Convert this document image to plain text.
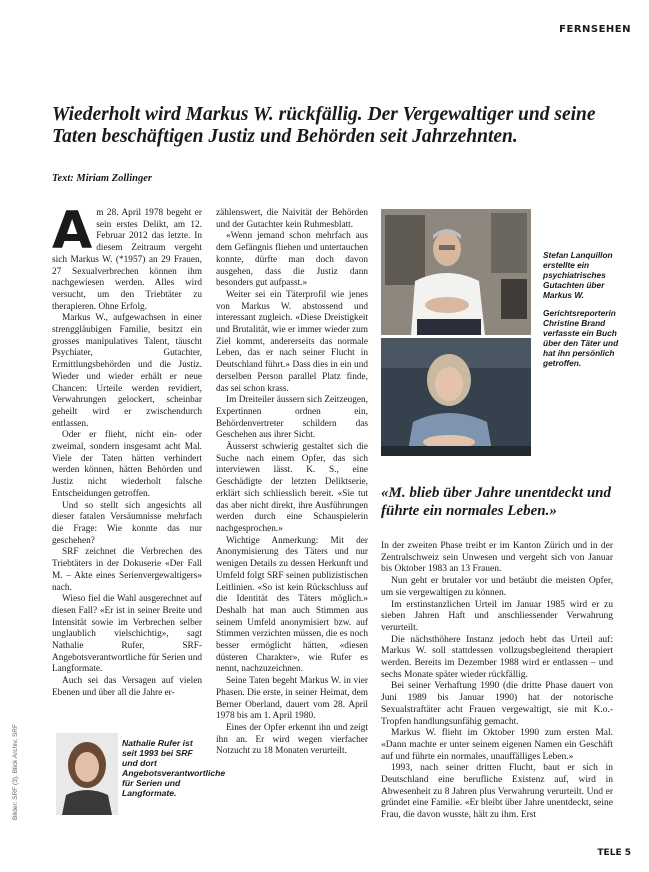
FERNSEHEN
Wiederholt wird Markus W. rückfällig. Der Vergewaltiger und seine Taten beschäftigen Justiz und Behörden seit Jahrzehnten.
Text: Miriam Zollinger

Am 28. April 1978 begeht er sein erstes Delikt, am 12. Februar 2012 das letzte. In diesem Zeitraum vergeht sich Markus W. (*1957) an 29 Frauen, 27 Sexualverbrechen können ihm nachgewiesen werden. Alles wird versucht, um den Triebtäter zu therapieren. Ohne Erfolg.

Markus W., aufgewachsen in einer strenggläubigen Familie, besitzt ein grosses manipulatives Talent, täuscht Psychiater, Gutachter, Ermittlungsbehörden und die Justiz. Wieder und wieder erhält er neue Chancen: Urteile werden revidiert, Verwahrungen gelockert, scheinbar geheilt wird er zwischendurch entlassen.

Oder er flieht, nicht ein- oder zweimal, sondern insgesamt acht Mal. Viele der Taten hätten verhindert werden können, hätten Behörden und Justiz nicht wiederholt falsche Entscheidungen getroffen.

Und so stellt sich angesichts all dieser fatalen Versäumnisse mehrfach die Frage: Wie konnte das nur geschehen?

SRF zeichnet die Verbrechen des Triebtäters in der Dokuserie «Der Fall M. – Akte eines Serienvergewaltigers» nach.

Wieso fiel die Wahl ausgerechnet auf diesen Fall? «Er ist in seiner Breite und Intensität sowie im Verbrechen selber unglaublich vielschichtig», sagt Nathalie Rufer, SRF-Angebotsverantwortliche für Serien und Langformate.

Auch sei das Versagen auf vielen Ebenen und über all die Jahre er-

zählenswert, die Naivität der Behörden und der Gutachter kein Ruhmesblatt.

«Wenn jemand schon mehrfach aus dem Gefängnis fliehen und untertauchen konnte, dürfte man doch davon ausgehen, dass die Justiz dann besonders gut aufpasst.»

Weiter sei ein Täterprofil wie jenes von Markus W. abstossend und interessant zugleich. «Diese Dreistigkeit und Brutalität, wie er immer wieder zum Ziel kommt, andererseits das normale Leben, das er nach seiner Flucht in Deutschland führt.» Dass dies in ein und derselben Person parallel Platz finde, das sei schon krass.

Im Dreiteiler äussern sich Zeitzeugen, Expertinnen ordnen ein, Behördenvertreter schildern das Geschehen aus ihrer Sicht.

Äusserst schwierig gestaltet sich die Suche nach einem Opfer, das sich interviewen lässt. K. S., eine Geschädigte der letzten Deliktserie, erklärt sich schliesslich bereit. «Sie tut das aber nicht direkt, ihre Ausführungen werden durch eine Schauspielerin nachgesprochen.»

Wichtige Anmerkung: Mit der Anonymisierung des Täters und nur wenigen Details zu dessen Herkunft und Umfeld folgt SRF seinen publizistischen Leitlinien. «So ist kein Rückschluss auf die Identität des Täters möglich.» Deshalb hat man auch Stimmen aus seinem Umfeld anonymisiert bzw. auf Stimmen verzichten müssen, die es noch besser ermöglicht hätten, «diesen düsteren Charakter», wie Rufer es nennt, nachzuzeichnen.

Seine Taten begeht Markus W. in vier Phasen. Die erste, in seiner Heimat, dem Berner Oberland, dauert vom 28. April 1978 bis am 1. April 1980.

Eines der Opfer erkennt ihn und zeigt ihn an. Er wird wegen vierfacher Notzucht zu 18 Monaten verurteilt.

Stefan Lanquillon erstellte ein psychiatrisches Gutachten über Markus W.
Gerichtsreporterin Christine Brand verfasste ein Buch über den Täter und hat ihn persönlich getroffen.
«M. blieb über Jahre unentdeckt und führte ein normales Leben.»

In der zweiten Phase treibt er im Kanton Zürich und in der Zentralschweiz sein Unwesen und vergeht sich von Januar bis Oktober 1983 an 13 Frauen.

Nun geht er brutaler vor und betäubt die meisten Opfer, um sie vergewaltigen zu können.

Im erstinstanzlichen Urteil im Januar 1985 wird er zu sieben Jahren Haft und anschliessender Verwahrung verurteilt.

Die nächsthöhere Instanz jedoch hebt das Urteil auf: Markus W. soll stattdessen vollzugsbegleitend therapiert werden. Bereits im Dezember 1988 wird er entlassen – und sechs Monate später wieder rückfällig.

Bei seiner Verhaftung 1990 (die dritte Phase dauert von Juni 1989 bis Januar 1990) hat der notorische Sexualstraftäter acht Frauen vergewaltigt, sie mit K.o.-Tropfen handlungsunfähig gemacht.

Markus W. flieht im Oktober 1990 zum ersten Mal. «Dann machte er unter seinem eigenen Namen ein Geschäft auf und führte ein normales, unauffälliges Leben.»

1993, nach seiner dritten Flucht, baut er sich in Deutschland eine berufliche Existenz auf, wird in Abwesenheit zu 8 Jahren plus Verwahrung verurteilt. Und er gründet eine Familie. «Er bleibt über Jahre unentdeckt, seine Frau, die davon wusste, hält zu ihm. Erst

Nathalie Rufer ist seit 1993 bei SRF und dort Angebotsverantwortliche für Serien und Langformate.
Bilder: SRF (3), Blick Archiv, SRF
TELE 5
